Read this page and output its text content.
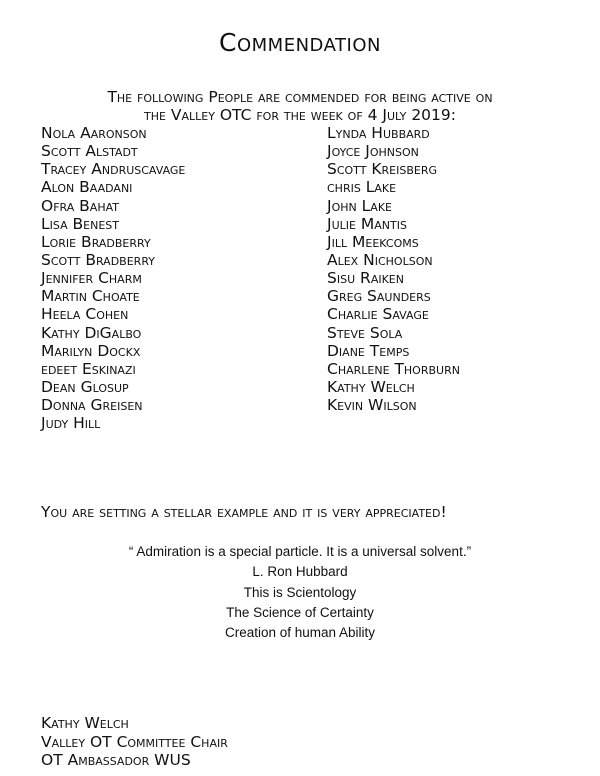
Commendation
The following People are commended for being active on
the Valley OTC for the week of 4 July 2019:
Nola Aaronson
Scott Alstadt
Tracey Andruscavage
Alon Baadani
Ofra Bahat
Lisa Benest
Lorie Bradberry
Scott Bradberry
Jennifer Charm
Martin Choate
Heela Cohen
Kathy DiGalbo
Marilyn Dockx
edeet Eskinazi
Dean Glosup
Donna Greisen
Judy Hill
Lynda Hubbard
Joyce Johnson
Scott Kreisberg
chris Lake
John Lake
Julie Mantis
Jill Meekcoms
Alex Nicholson
Sisu Raiken
Greg Saunders
Charlie Savage
Steve Sola
Diane Temps
Charlene Thorburn
Kathy Welch
Kevin Wilson
You are setting a stellar example and it is very appreciated!
“ Admiration is a special particle. It is a universal solvent.”
L. Ron Hubbard
This is Scientology
The Science of Certainty
Creation of human Ability
Kathy Welch
Valley OT Committee Chair
OT Ambassador WUS
